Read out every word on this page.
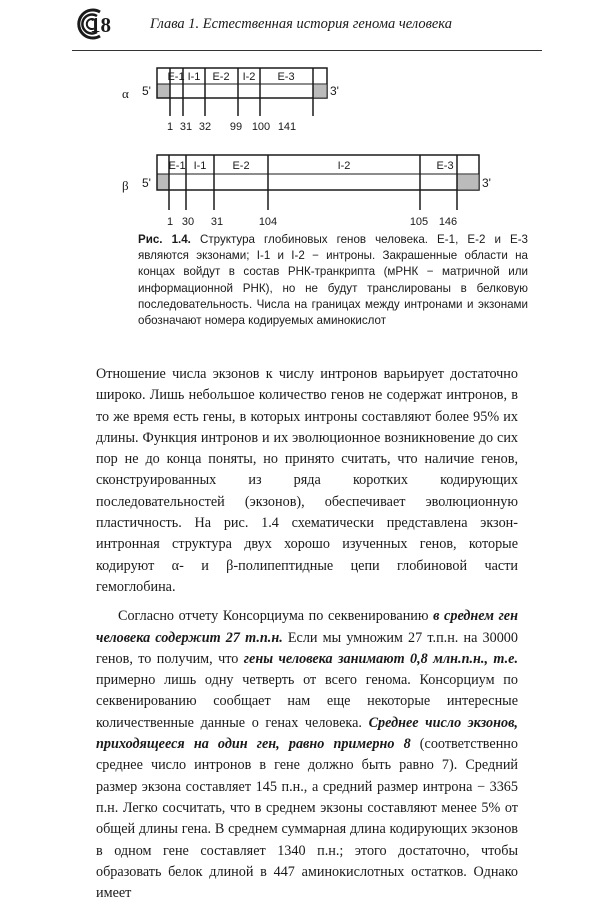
18	Глава 1. Естественная история генома человека
α 5'	3'
E-1 I-1 E-2 I-2 E-3
1 31 32 99 100 141
β 5'	3'
E-1 I-1 E-2	I-2	E-3
1 30 31	104	105 146
Рис. 1.4. Структура глобиновых генов человека. Е-1, Е-2 и Е-3 являются экзонами; I-1 и I-2 − интроны. Закрашенные области на концах войдут в состав РНК-транкрипта (мРНК − матричной или информационной РНК), но не будут транслированы в белковую последовательность. Числа на границах между интронами и экзонами обозначают номера кодируемых аминокислот

Отношение числа экзонов к числу интронов варьирует достаточно широко. Лишь небольшое количество генов не содержат интронов, в то же время есть гены, в которых интроны составляют более 95% их длины. Функция интронов и их эволюционное возникновение до сих пор не до конца поняты, но принято считать, что наличие генов, сконструированных из ряда коротких кодирующих последовательностей (экзонов), обеспечивает эволюционную пластичность. На рис. 1.4 схематически представлена экзон-интронная структура двух хорошо изученных генов, которые кодируют α- и β-полипептидные цепи глобиновой части гемоглобина.

Согласно отчету Консорциума по секвенированию в среднем ген человека содержит 27 т.п.н. Если мы умножим 27 т.п.н. на 30000 генов, то получим, что гены человека занимают 0,8 млн.п.н., т.е. примерно лишь одну четверть от всего генома. Консорциум по секвенированию сообщает нам еще некоторые интересные количественные данные о генах человека. Среднее число экзонов, приходящееся на один ген, равно примерно 8 (соответственно среднее число интронов в гене должно быть равно 7). Средний размер экзона составляет 145 п.н., а средний размер интрона − 3365 п.н. Легко сосчитать, что в среднем экзоны составляют менее 5% от общей длины гена. В среднем суммарная длина кодирующих экзонов в одном гене составляет 1340 п.н.; этого достаточно, чтобы образовать белок длиной в 447 аминокислотных остатков. Однако имеет
